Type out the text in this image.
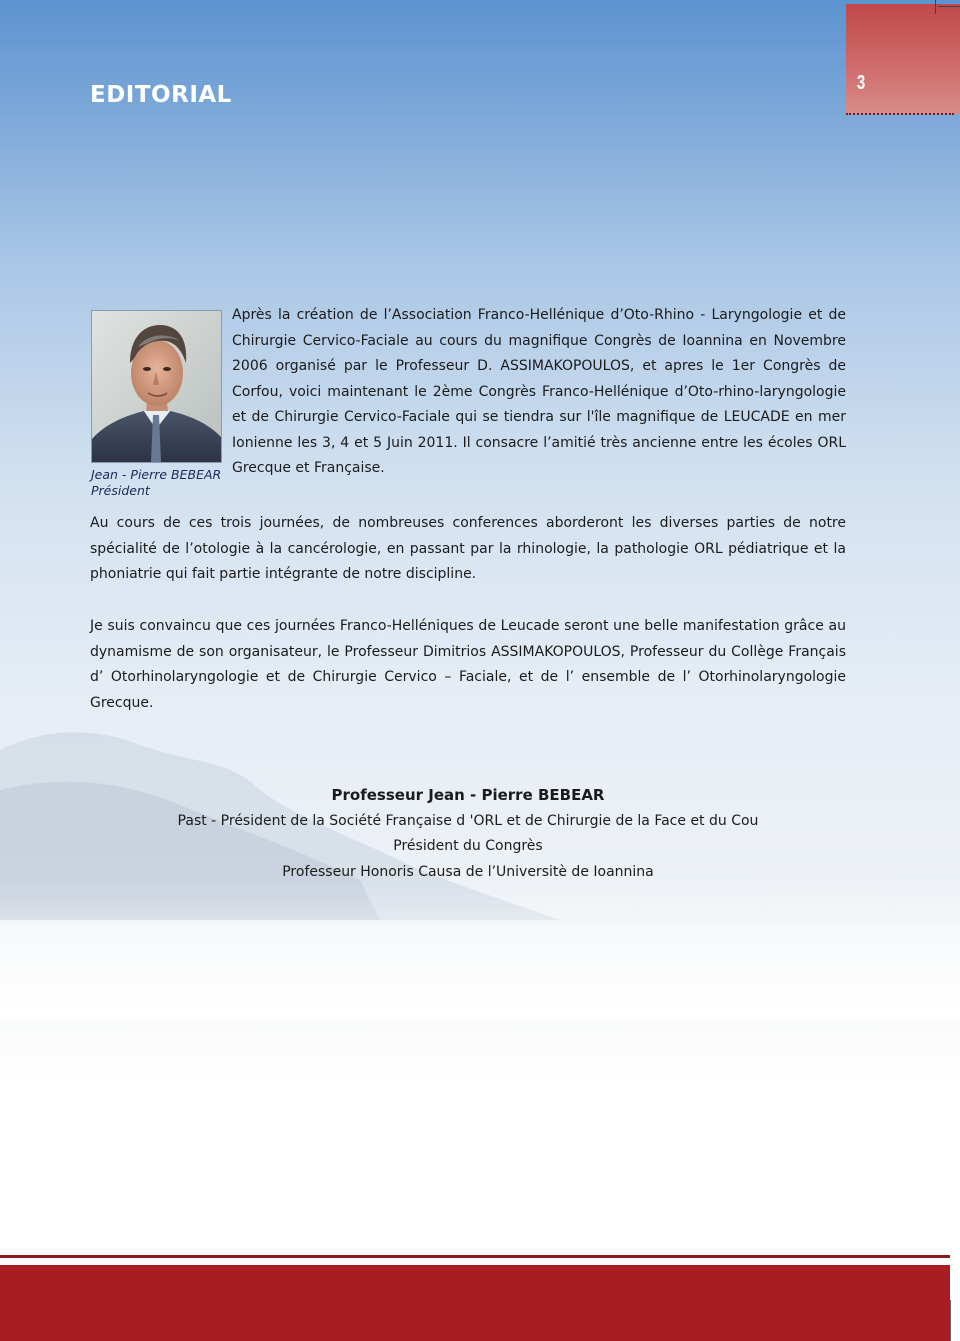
EDITORIAL	3
Jean - Pierre BEBEAR
Président

Après la création de l’Association Franco-Hellénique d’Oto-Rhino - Laryngologie et de Chirurgie Cervico-Faciale au cours du magnifique Congrès de Ioannina en Novembre 2006 organisé par le Professeur D. ASSIMAKOPOULOS, et apres le 1er Congrès de Corfou, voici maintenant le 2ème Congrès Franco-Hellénique d’Oto-rhino-laryngologie et de Chirurgie Cervico-Faciale qui se tiendra sur l'île magnifique de LEUCADE en mer Ionienne les 3, 4 et 5 Juin 2011. Il consacre l’amitié très ancienne entre les écoles ORL Grecque et Française.

Au cours de ces trois journées, de nombreuses conferences aborderont les diverses parties de notre spécialité de l’otologie à la cancérologie, en passant par la rhinologie, la pathologie ORL pédiatrique et la phoniatrie qui fait partie intégrante de notre discipline.

Je suis convaincu que ces journées Franco-Helléniques de Leucade seront une belle manifestation grâce au dynamisme de son organisateur, le Professeur Dimitrios ASSIMAKOPOULOS, Professeur du Collège Français d’ Otorhinolaryngologie et de Chirurgie Cervico – Faciale, et de l’ ensemble de l’ Otorhinolaryngologie Grecque.

Professeur Jean - Pierre BEBEAR
Past - Président de la Société Française d 'ORL et de Chirurgie de la Face et du Cou
Président du Congrès
Professeur Honoris Causa de l’Universitè de Ioannina
